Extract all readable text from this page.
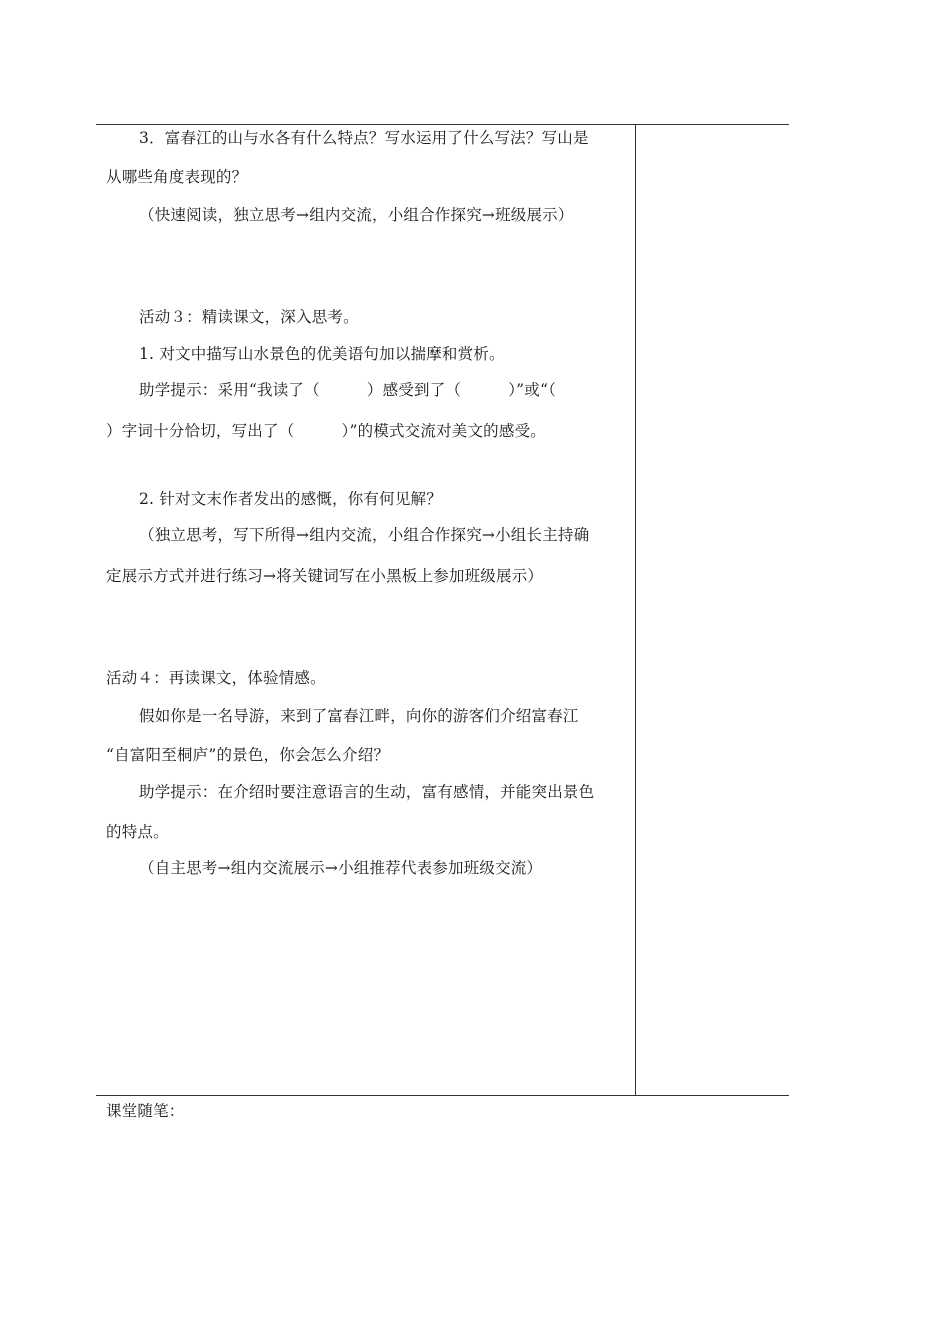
3．富春江的山与水各有什么特点？写水运用了什么写法？写山是
从哪些角度表现的？
（快速阅读，独立思考→组内交流，小组合作探究→班级展示）
活动３：精读课文，深入思考。
1. 对文中描写山水景色的优美语句加以揣摩和赏析。
助学提示：采用“我读了（　　　）感受到了（　　　）”或“（
）字词十分恰切，写出了（　　　）”的模式交流对美文的感受。
2. 针对文末作者发出的感慨，你有何见解？
（独立思考，写下所得→组内交流，小组合作探究→小组长主持确
定展示方式并进行练习→将关键词写在小黑板上参加班级展示）
活动４：再读课文，体验情感。
假如你是一名导游，来到了富春江畔，向你的游客们介绍富春江
“自富阳至桐庐”的景色，你会怎么介绍？
助学提示：在介绍时要注意语言的生动，富有感情，并能突出景色
的特点。
（自主思考→组内交流展示→小组推荐代表参加班级交流）
课堂随笔：
